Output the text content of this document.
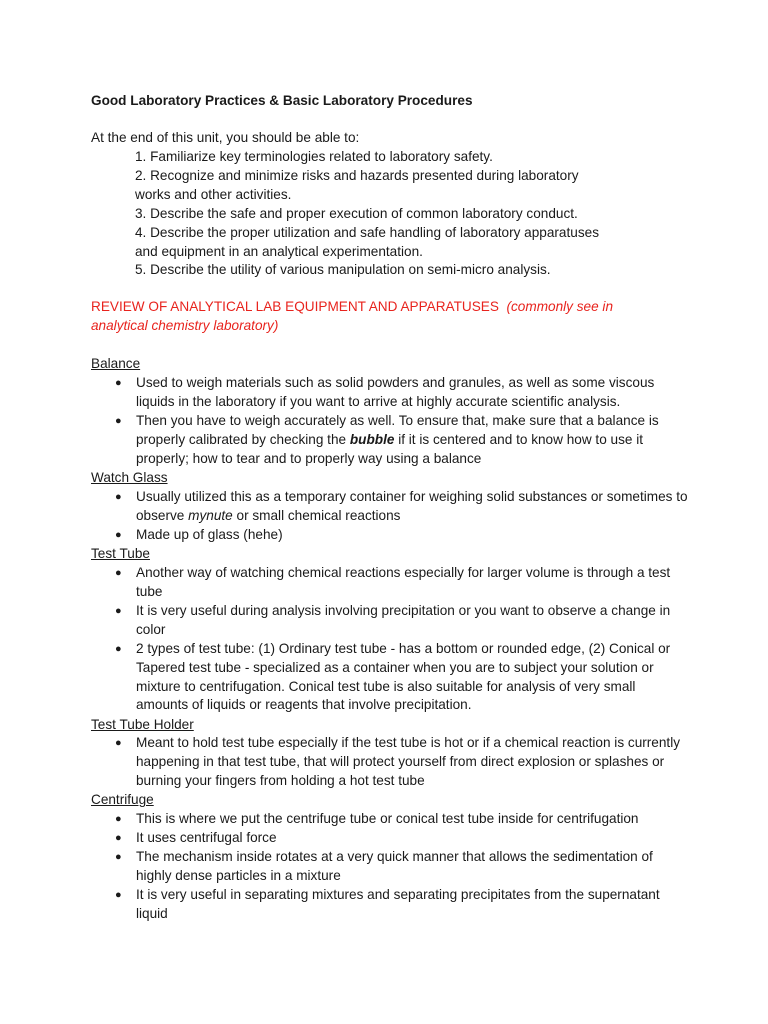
Good Laboratory Practices & Basic Laboratory Procedures
At the end of this unit, you should be able to:
1. Familiarize key terminologies related to laboratory safety.
2. Recognize and minimize risks and hazards presented during laboratory
works and other activities.
3. Describe the safe and proper execution of common laboratory conduct.
4. Describe the proper utilization and safe handling of laboratory apparatuses
and equipment in an analytical experimentation.
5. Describe the utility of various manipulation on semi-micro analysis.
REVIEW OF ANALYTICAL LAB EQUIPMENT AND APPARATUSES (commonly see in analytical chemistry laboratory)
Balance
● Used to weigh materials such as solid powders and granules, as well as some viscous liquids in the laboratory if you want to arrive at highly accurate scientific analysis.
● Then you have to weigh accurately as well. To ensure that, make sure that a balance is properly calibrated by checking the bubble if it is centered and to know how to use it properly; how to tear and to properly way using a balance
Watch Glass
● Usually utilized this as a temporary container for weighing solid substances or sometimes to observe mynute or small chemical reactions
● Made up of glass (hehe)
Test Tube
● Another way of watching chemical reactions especially for larger volume is through a test tube
● It is very useful during analysis involving precipitation or you want to observe a change in color
● 2 types of test tube: (1) Ordinary test tube - has a bottom or rounded edge, (2) Conical or Tapered test tube - specialized as a container when you are to subject your solution or mixture to centrifugation. Conical test tube is also suitable for analysis of very small amounts of liquids or reagents that involve precipitation.
Test Tube Holder
● Meant to hold test tube especially if the test tube is hot or if a chemical reaction is currently happening in that test tube, that will protect yourself from direct explosion or splashes or burning your fingers from holding a hot test tube
Centrifuge
● This is where we put the centrifuge tube or conical test tube inside for centrifugation
● It uses centrifugal force
● The mechanism inside rotates at a very quick manner that allows the sedimentation of highly dense particles in a mixture
● It is very useful in separating mixtures and separating precipitates from the supernatant liquid
